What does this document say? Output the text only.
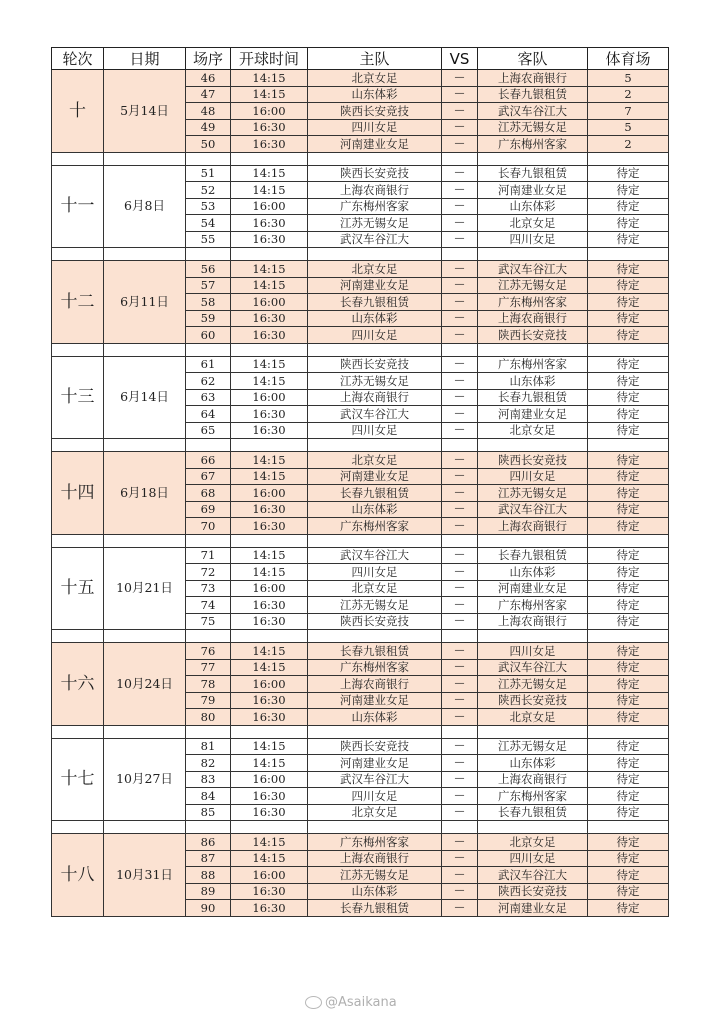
轮次	日期	场序	开球时间	主队	VS	客队	体育场
十	5月14日	46	14:15	北京女足	—	上海农商银行	5
		47	14:15	山东体彩	—	长春九银租赁	2
		48	16:00	陕西长安竞技	—	武汉车谷江大	7
		49	16:30	四川女足	—	江苏无锡女足	5
		50	16:30	河南建业女足	—	广东梅州客家	2

十一	6月8日	51	14:15	陕西长安竞技	—	长春九银租赁	待定
		52	14:15	上海农商银行	—	河南建业女足	待定
		53	16:00	广东梅州客家	—	山东体彩	待定
		54	16:30	江苏无锡女足	—	北京女足	待定
		55	16:30	武汉车谷江大	—	四川女足	待定

十二	6月11日	56	14:15	北京女足	—	武汉车谷江大	待定
		57	14:15	河南建业女足	—	江苏无锡女足	待定
		58	16:00	长春九银租赁	—	广东梅州客家	待定
		59	16:30	山东体彩	—	上海农商银行	待定
		60	16:30	四川女足	—	陕西长安竞技	待定

十三	6月14日	61	14:15	陕西长安竞技	—	广东梅州客家	待定
		62	14:15	江苏无锡女足	—	山东体彩	待定
		63	16:00	上海农商银行	—	长春九银租赁	待定
		64	16:30	武汉车谷江大	—	河南建业女足	待定
		65	16:30	四川女足	—	北京女足	待定

十四	6月18日	66	14:15	北京女足	—	陕西长安竞技	待定
		67	14:15	河南建业女足	—	四川女足	待定
		68	16:00	长春九银租赁	—	江苏无锡女足	待定
		69	16:30	山东体彩	—	武汉车谷江大	待定
		70	16:30	广东梅州客家	—	上海农商银行	待定

十五	10月21日	71	14:15	武汉车谷江大	—	长春九银租赁	待定
		72	14:15	四川女足	—	山东体彩	待定
		73	16:00	北京女足	—	河南建业女足	待定
		74	16:30	江苏无锡女足	—	广东梅州客家	待定
		75	16:30	陕西长安竞技	—	上海农商银行	待定

十六	10月24日	76	14:15	长春九银租赁	—	四川女足	待定
		77	14:15	广东梅州客家	—	武汉车谷江大	待定
		78	16:00	上海农商银行	—	江苏无锡女足	待定
		79	16:30	河南建业女足	—	陕西长安竞技	待定
		80	16:30	山东体彩	—	北京女足	待定

十七	10月27日	81	14:15	陕西长安竞技	—	江苏无锡女足	待定
		82	14:15	河南建业女足	—	山东体彩	待定
		83	16:00	武汉车谷江大	—	上海农商银行	待定
		84	16:30	四川女足	—	广东梅州客家	待定
		85	16:30	北京女足	—	长春九银租赁	待定

十八	10月31日	86	14:15	广东梅州客家	—	北京女足	待定
		87	14:15	上海农商银行	—	四川女足	待定
		88	16:00	江苏无锡女足	—	武汉车谷江大	待定
		89	16:30	山东体彩	—	陕西长安竞技	待定
		90	16:30	长春九银租赁	—	河南建业女足	待定
@Asaikana
